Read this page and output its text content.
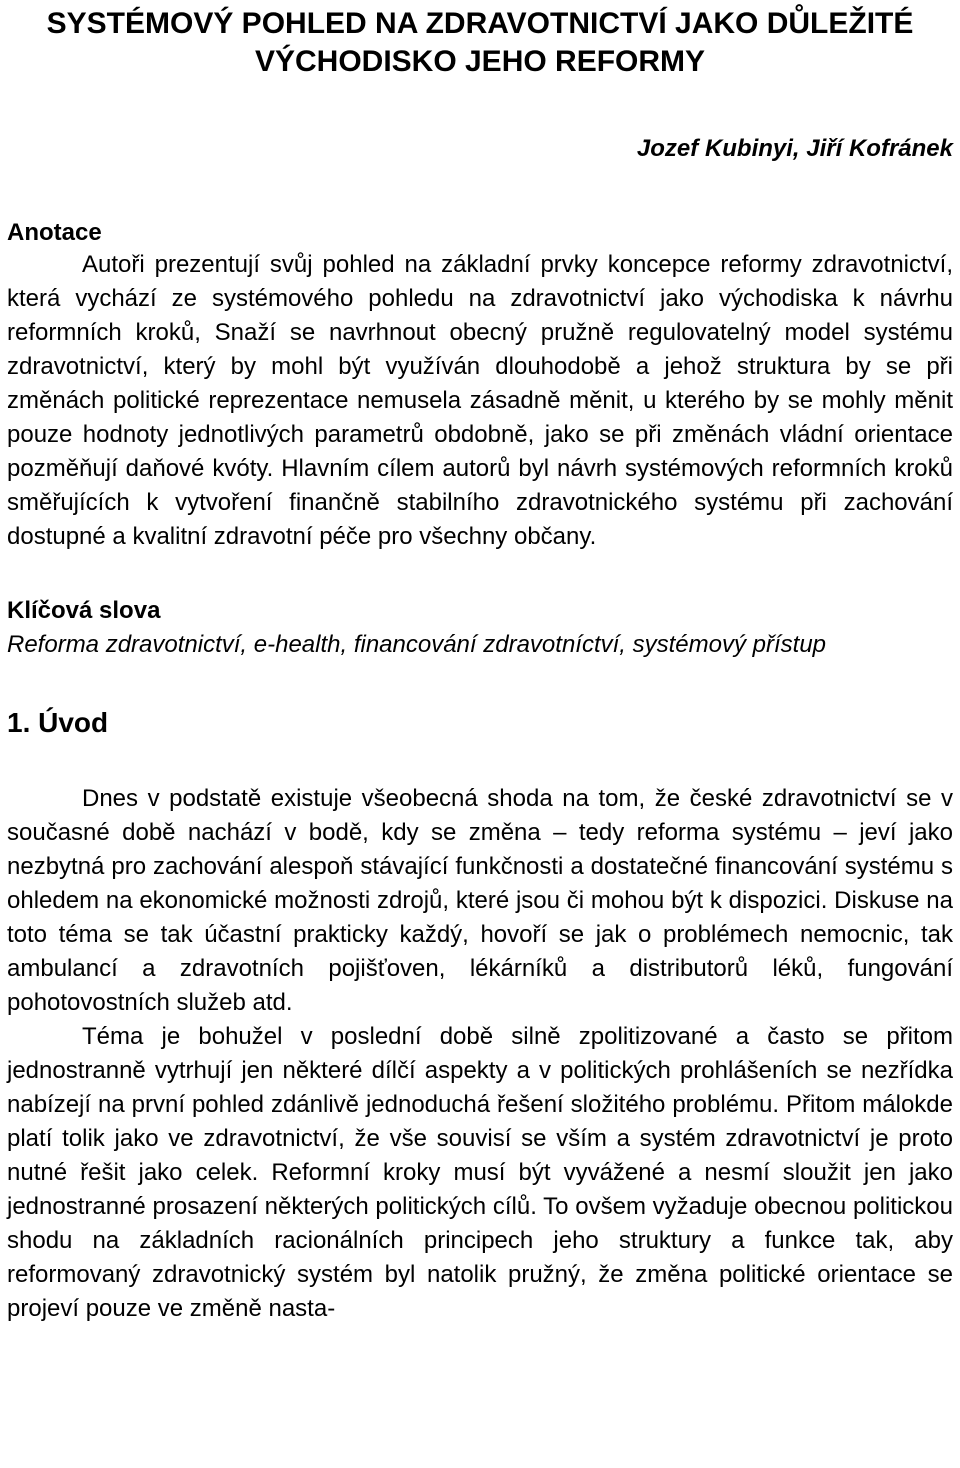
SYSTÉMOVÝ POHLED NA ZDRAVOTNICTVÍ JAKO DŮLEŽITÉ VÝCHODISKO JEHO REFORMY

Jozef Kubinyi, Jiří Kofránek

Anotace

Autoři prezentují svůj pohled na základní prvky koncepce reformy zdravotnictví, která vychází ze systémového pohledu na zdravotnictví jako východiska k návrhu reformních kroků, Snaží se navrhnout obecný pružně regulovatelný model systému zdravotnictví, který by mohl být využíván dlouhodobě a jehož struktura by se při změnách politické reprezentace nemusela zásadně měnit, u kterého by se mohly měnit pouze hodnoty jednotlivých parametrů obdobně, jako se při změnách vládní orientace pozměňují daňové kvóty. Hlavním cílem autorů byl návrh systémových reformních kroků směřujících k vytvoření finančně stabilního zdravotnického systému při zachování dostupné a kvalitní zdravotní péče pro všechny občany.

Klíčová slova

Reforma zdravotnictví, e-health, financování zdravotníctví, systémový přístup

1. Úvod

Dnes v podstatě existuje všeobecná shoda na tom, že české zdravotnictví se v současné době nachází v bodě, kdy se změna – tedy reforma systému – jeví jako nezbytná pro zachování alespoň stávající funkčnosti a dostatečné financování systému s ohledem na ekonomické možnosti zdrojů, které jsou či mohou být k dispozici. Diskuse na toto téma se tak účastní prakticky každý, hovoří se jak o problémech nemocnic, tak ambulancí a zdravotních pojišťoven, lékárníků a distributorů léků, fungování pohotovostních služeb atd.

Téma je bohužel v poslední době silně zpolitizované a často se přitom jednostranně vytrhují jen některé dílčí aspekty a v politických prohlášeních se nezřídka nabízejí na první pohled zdánlivě jednoduchá řešení složitého problému. Přitom málokde platí tolik jako ve zdravotnictví, že vše souvisí se vším a systém zdravotnictví je proto nutné řešit jako celek. Reformní kroky musí být vyvážené a nesmí sloužit jen jako jednostranné prosazení některých politických cílů. To ovšem vyžaduje obecnou politickou shodu na základních racionálních principech jeho struktury a funkce tak, aby reformovaný zdravotnický systém byl natolik pružný, že změna politické orientace se projeví pouze ve změně nasta-
